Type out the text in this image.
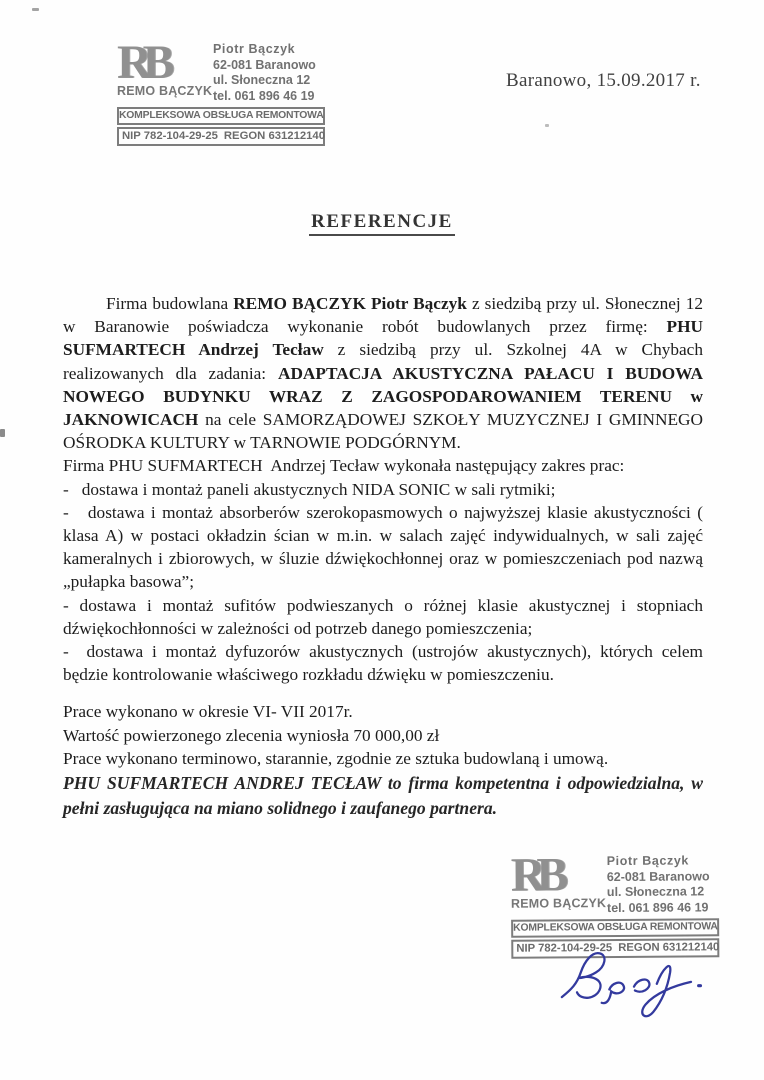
RB
REMO BĄCZYK
Piotr Bączyk
62-081 Baranowo
ul. Słoneczna 12
tel. 061 896 46 19
KOMPLEKSOWA OBSŁUGA REMONTOWA
NIP 782-104-29-25 REGON 631212140
Baranowo, 15.09.2017 r.
REFERENCJE

Firma budowlana REMO BĄCZYK Piotr Bączyk z siedzibą przy ul. Słonecznej 12 w Baranowie poświadcza wykonanie robót budowlanych przez firmę: PHU SUFMARTECH Andrzej Tecław z siedzibą przy ul. Szkolnej 4A w Chybach realizowanych dla zadania: ADAPTACJA AKUSTYCZNA PAŁACU I BUDOWA NOWEGO BUDYNKU WRAZ Z ZAGOSPODAROWANIEM TERENU w JAKNOWICACH na cele SAMORZĄDOWEJ SZKOŁY MUZYCZNEJ I GMINNEGO OŚRODKA KULTURY w TARNOWIE PODGÓRNYM.

Firma PHU SUFMARTECH  Andrzej Tecław wykonała następujący zakres prac:

-   dostawa i montaż paneli akustycznych NIDA SONIC w sali rytmiki;
-   dostawa i montaż absorberów szerokopasmowych o najwyższej klasie akustyczności ( klasa A) w postaci okładzin ścian w m.in. w salach zajęć indywidualnych, w sali zajęć kameralnych i zbiorowych, w śluzie dźwiękochłonnej oraz w pomieszczeniach pod nazwą „pułapka basowa”;
- dostawa i montaż sufitów podwieszanych o różnej klasie akustycznej i stopniach dźwiękochłonności w zależności od potrzeb danego pomieszczenia;
-  dostawa i montaż dyfuzorów akustycznych (ustrojów akustycznych), których celem będzie kontrolowanie właściwego rozkładu dźwięku w pomieszczeniu.
Prace wykonano w okresie VI- VII 2017r.
Wartość powierzonego zlecenia wyniosła 70 000,00 zł
Prace wykonano terminowo, starannie, zgodnie ze sztuka budowlaną i umową.

PHU SUFMARTECH ANDREJ TECŁAW to firma kompetentna i odpowiedzialna, w pełni zasługująca na miano solidnego i zaufanego partnera.

RB
REMO BĄCZYK
Piotr Bączyk
62-081 Baranowo
ul. Słoneczna 12
tel. 061 896 46 19
KOMPLEKSOWA OBSŁUGA REMONTOWA
NIP 782-104-29-25 REGON 631212140
